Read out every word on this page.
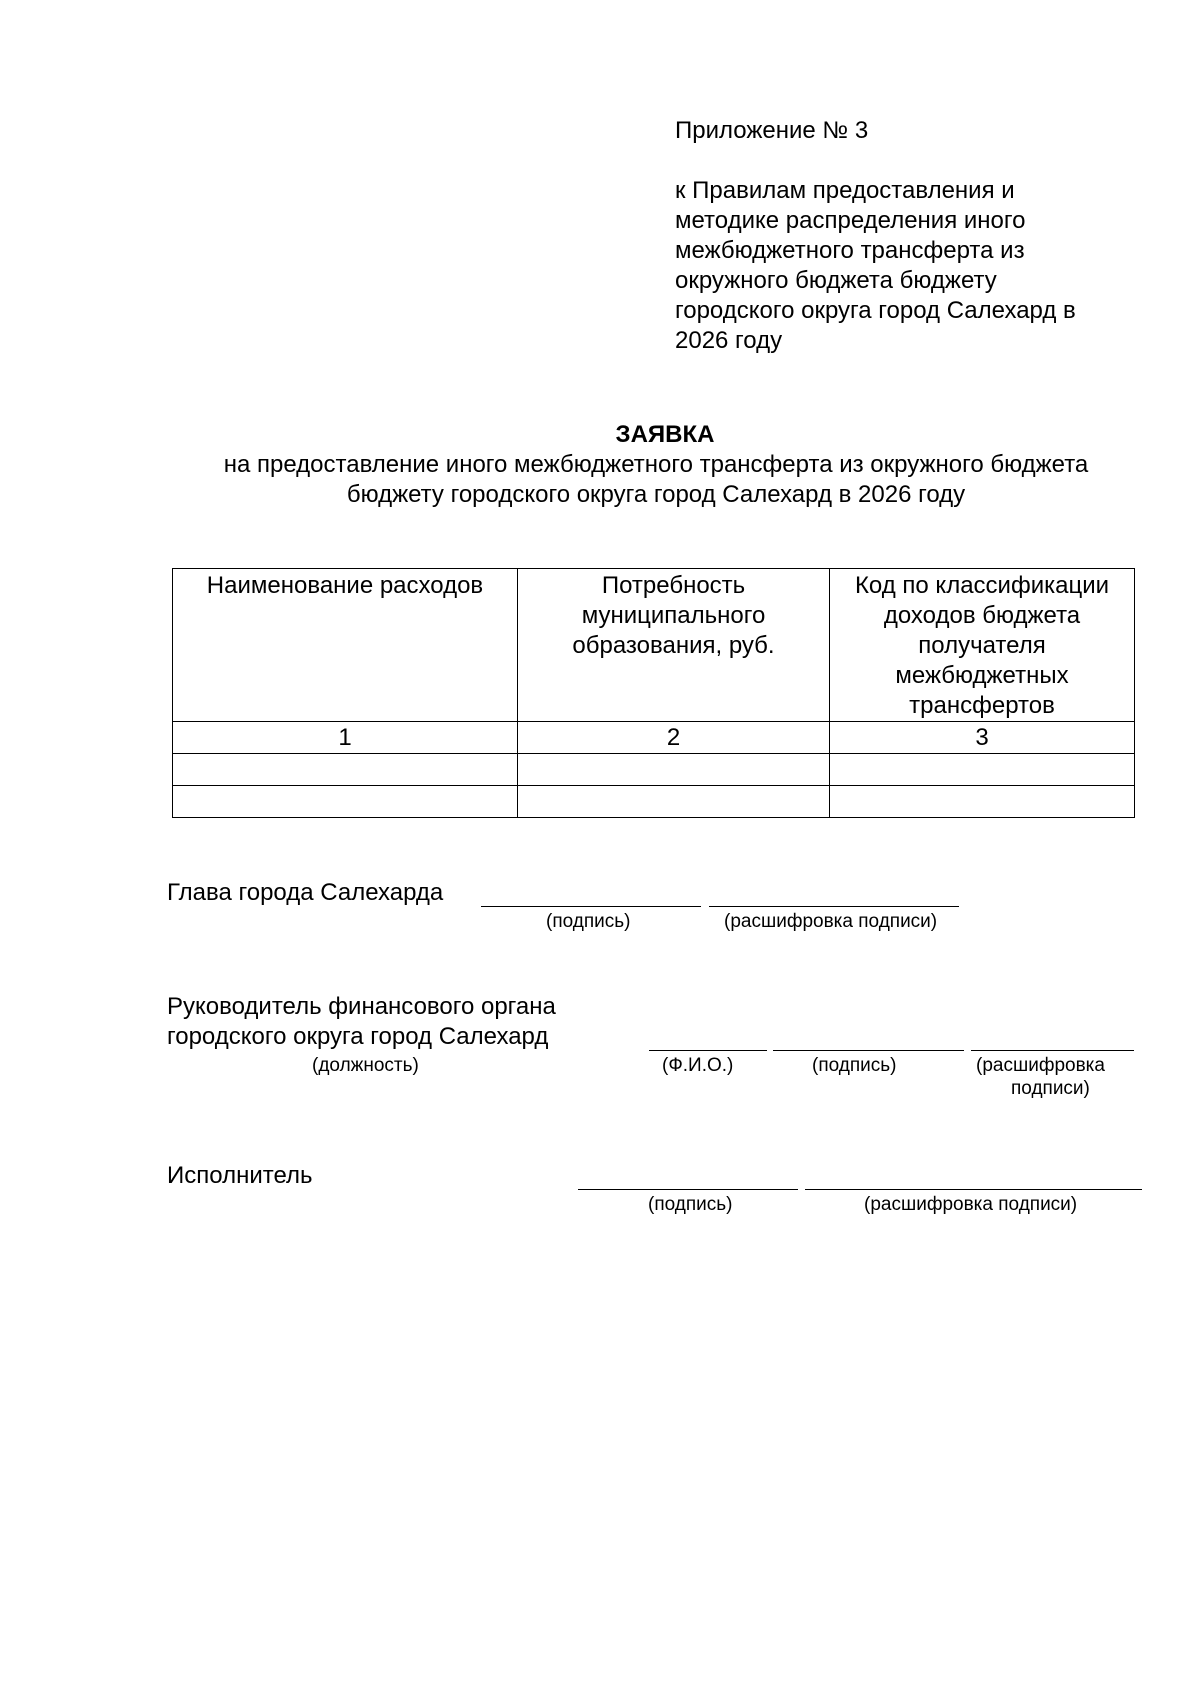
Приложение № 3
к Правилам предоставления и
методике распределения иного
межбюджетного трансферта из
окружного бюджета бюджету
городского округа город Салехард в
2026 году
ЗАЯВКА
на предоставление иного межбюджетного трансферта из окружного бюджета
бюджету городского округа город Салехард в 2026 году
Наименование расходов	Потребность муниципального образования, руб.	Код по классификации доходов бюджета получателя межбюджетных трансфертов
1	2	3

Глава города Салехарда
(подпись)	(расшифровка подписи)
Руководитель финансового органа
городского округа город Салехард
(должность)	(Ф.И.О.)	(подпись)	(расшифровка
подписи)
Исполнитель
(подпись)	(расшифровка подписи)
